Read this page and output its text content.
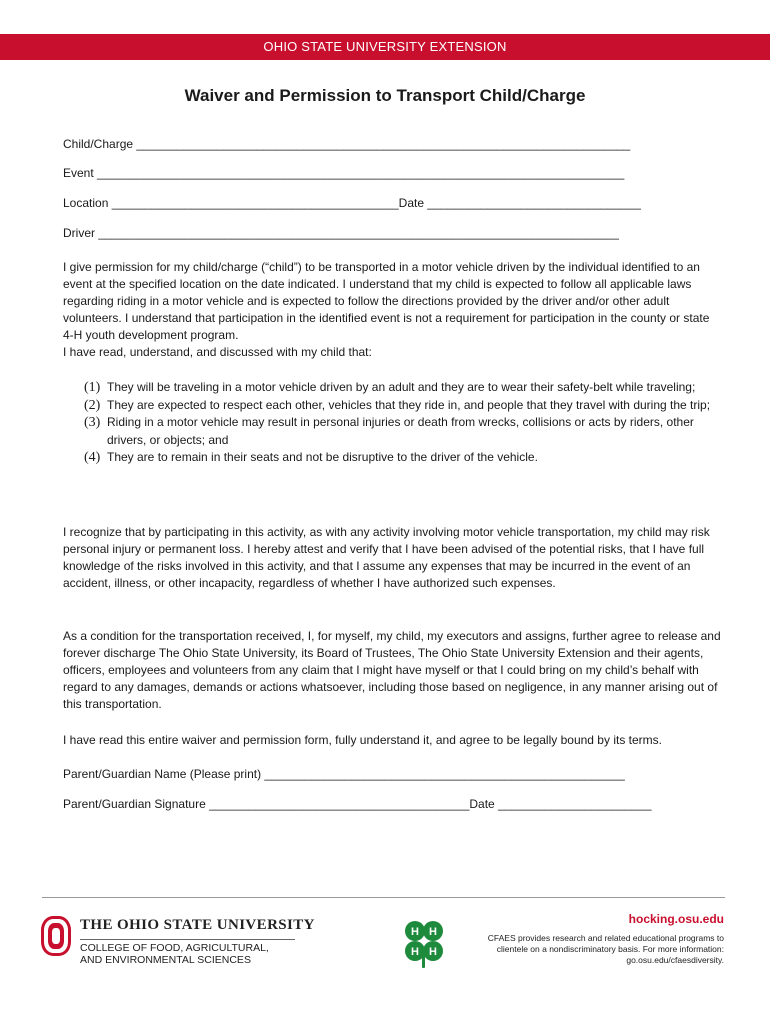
OHIO STATE UNIVERSITY EXTENSION
Waiver and Permission to Transport Child/Charge
Child/Charge __________________________________________________________________________
Event _______________________________________________________________________________
Location ___________________________________________Date ________________________________
Driver ______________________________________________________________________________

I give permission for my child/charge (“child”) to be transported in a motor vehicle driven by the individual identified to an event at the specified location on the date indicated. I understand that my child is expected to follow all applicable laws regarding riding in a motor vehicle and is expected to follow the directions provided by the driver and/or other adult volunteers. I understand that participation in the identified event is not a requirement for participation in the county or state 4-H youth development program.

I have read, understand, and discussed with my child that:

(1) They will be traveling in a motor vehicle driven by an adult and they are to wear their safety-belt while traveling;
(2) They are expected to respect each other, vehicles that they ride in, and people that they travel with during the trip;
(3) Riding in a motor vehicle may result in personal injuries or death from wrecks, collisions or acts by riders, other drivers, or objects; and
(4) They are to remain in their seats and not be disruptive to the driver of the vehicle.
I recognize that by participating in this activity, as with any activity involving motor vehicle transportation, my child may risk personal injury or permanent loss. I hereby attest and verify that I have been advised of the potential risks, that I have full knowledge of the risks involved in this activity, and that I assume any expenses that may be incurred in the event of an accident, illness, or other incapacity, regardless of whether I have authorized such expenses.
As a condition for the transportation received, I, for myself, my child, my executors and assigns, further agree to release and forever discharge The Ohio State University, its Board of Trustees, The Ohio State University Extension and their agents, officers, employees and volunteers from any claim that I might have myself or that I could bring on my child’s behalf with regard to any damages, demands or actions whatsoever, including those based on negligence, in any manner arising out of this transportation.
I have read this entire waiver and permission form, fully understand it, and agree to be legally bound by its terms.
Parent/Guardian Name (Please print) ______________________________________________________
Parent/Guardian Signature _______________________________________Date _______________________
THE OHIO STATE UNIVERSITY
COLLEGE OF FOOD, AGRICULTURAL,
AND ENVIRONMENTAL SCIENCES
H H
H H
hocking.osu.edu
CFAES provides research and related educational programs to clientele on a nondiscriminatory basis. For more information: go.osu.edu/cfaesdiversity.
